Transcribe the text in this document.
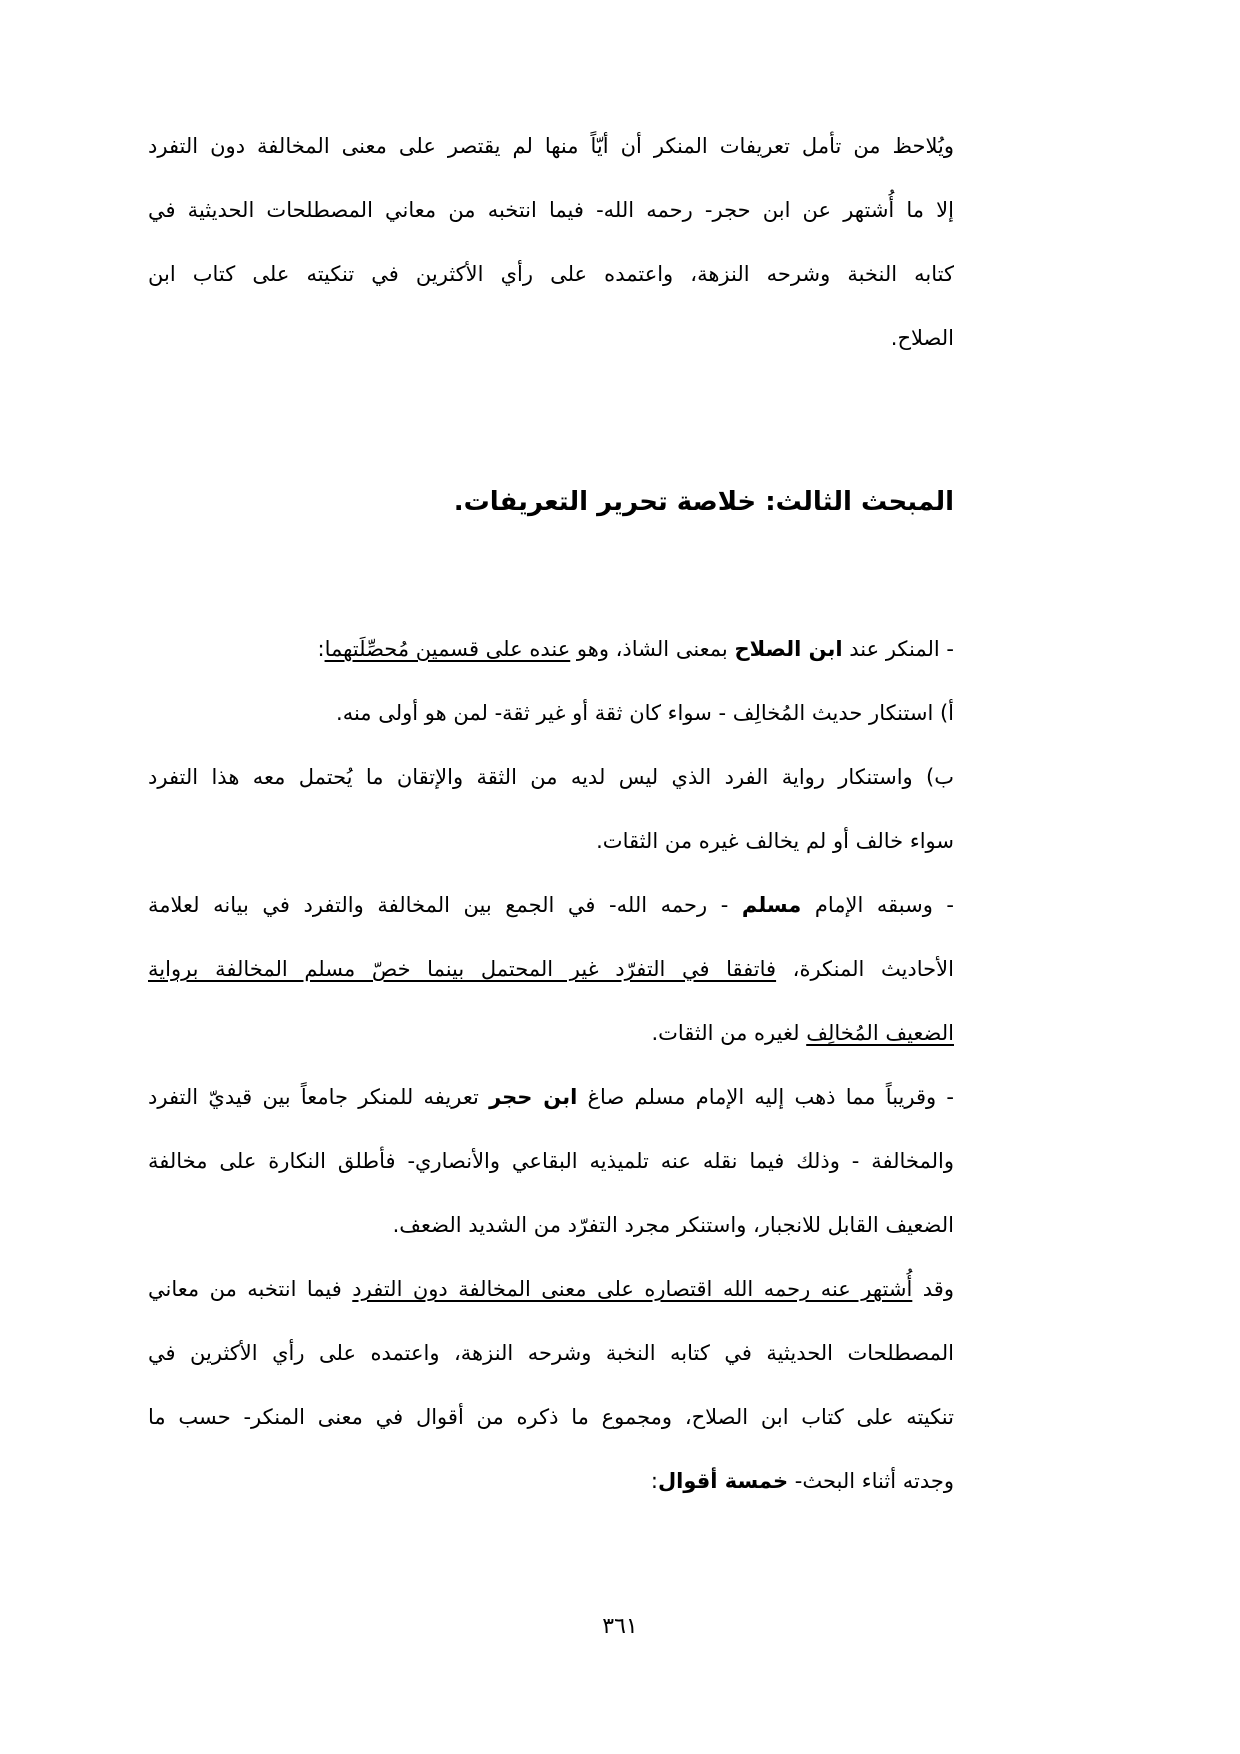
ويُلاحظ من تأمل تعريفات المنكر أن أيّاً منها لم يقتصر على معنى المخالفة دون التفرد
إلا ما أُشتهر عن ابن حجر- رحمه الله- فيما انتخبه من معاني المصطلحات الحديثية في
كتابه النخبة وشرحه النزهة، واعتمده على رأي الأكثرين في تنكيته على كتاب ابن
الصلاح.
المبحث الثالث: خلاصة تحرير التعريفات.
- المنكر عند ابن الصلاح بمعنى الشاذ، وهو عنده على قسمين مُحصِّلَتهما:
أ) استنكار حديث المُخالِف - سواء كان ثقة أو غير ثقة- لمن هو أولى منه.
ب) واستنكار رواية الفرد الذي ليس لديه من الثقة والإتقان ما يُحتمل معه هذا التفرد
سواء خالف أو لم يخالف غيره من الثقات.
- وسبقه الإمام مسلم - رحمه الله- في الجمع بين المخالفة والتفرد في بيانه لعلامة
الأحاديث المنكرة، فاتفقا في التفرّد غير المحتمل بينما خصّ مسلم المخالفة برواية
الضعيف المُخالِف لغيره من الثقات.
- وقريباً مما ذهب إليه الإمام مسلم صاغ ابن حجر تعريفه للمنكر جامعاً بين قيديّ التفرد
والمخالفة - وذلك فيما نقله عنه تلميذيه البقاعي والأنصاري- فأطلق النكارة على مخالفة
الضعيف القابل للانجبار، واستنكر مجرد التفرّد من الشديد الضعف.
وقد أُشتهر عنه رحمه الله اقتصاره على معنى المخالفة دون التفرد فيما انتخبه من معاني
المصطلحات الحديثية في كتابه النخبة وشرحه النزهة، واعتمده على رأي الأكثرين في
تنكيته على كتاب ابن الصلاح، ومجموع ما ذكره من أقوال في معنى المنكر- حسب ما
وجدته أثناء البحث- خمسة أقوال:
٣٦١
